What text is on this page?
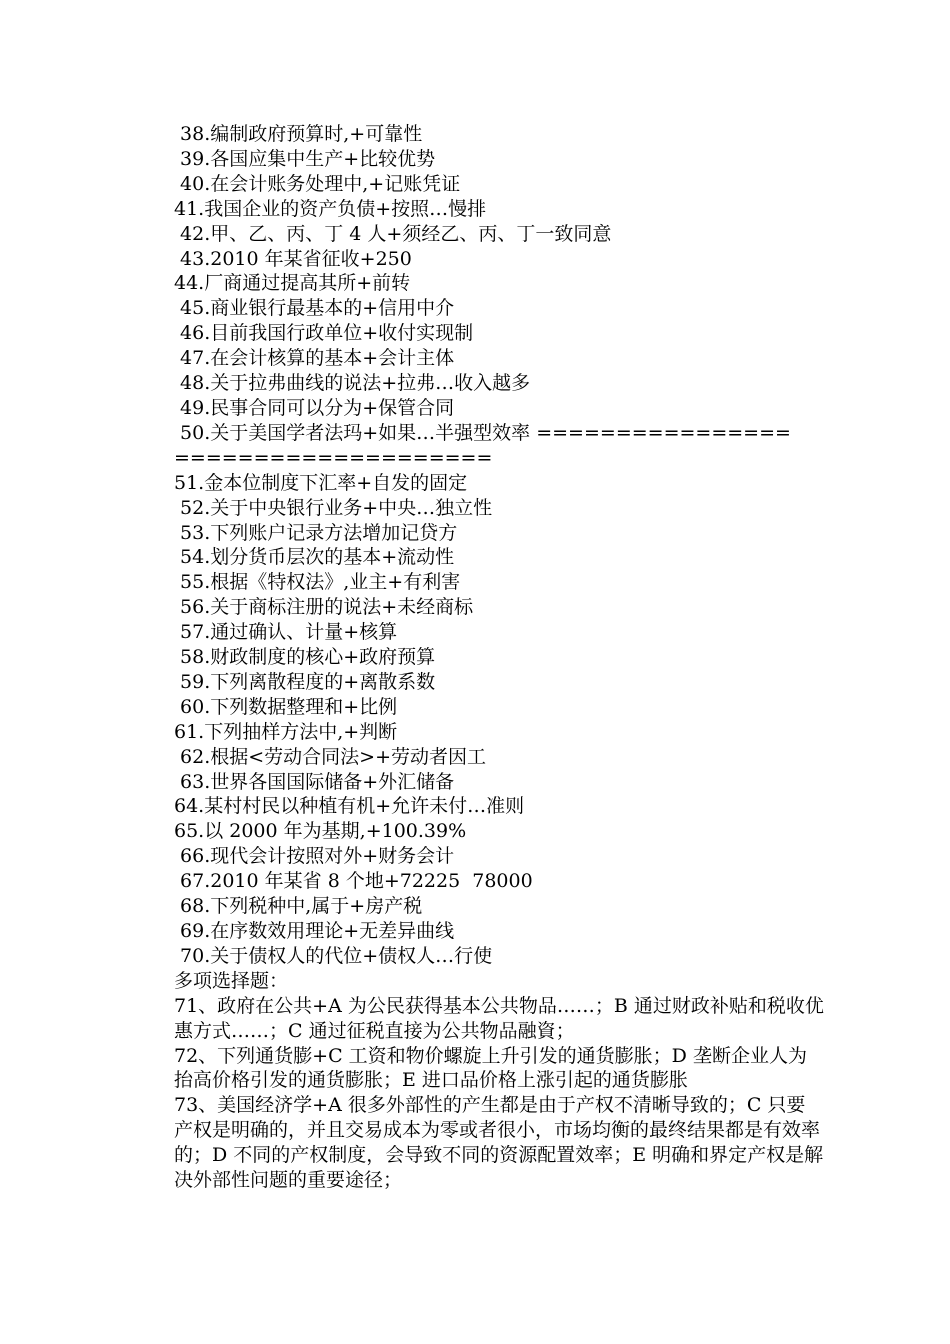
38.编制政府预算时,+可靠性
39.各国应集中生产+比较优势
40.在会计账务处理中,+记账凭证
41.我国企业的资产负债+按照…慢排
42.甲、乙、丙、丁 4 人+须经乙、丙、丁一致同意
43.2010 年某省征收+250
44.厂商通过提高其所+前转
45.商业银行最基本的+信用中介
46.目前我国行政单位+收付实现制
47.在会计核算的基本+会计主体
48.关于拉弗曲线的说法+拉弗…收入越多
49.民事合同可以分为+保管合同
50.关于美国学者法玛+如果…半强型效率 ================
====================
51.金本位制度下汇率+自发的固定
52.关于中央银行业务+中央…独立性
53.下列账户记录方法增加记贷方
54.划分货币层次的基本+流动性
55.根据《特权法》,业主+有利害
56.关于商标注册的说法+未经商标
57.通过确认、计量+核算
58.财政制度的核心+政府预算
59.下列离散程度的+离散系数
60.下列数据整理和+比例
61.下列抽样方法中,+判断
62.根据<劳动合同法>+劳动者因工
63.世界各国国际储备+外汇储备
64.某村村民以种植有机+允许未付…准则
65.以 2000 年为基期,+100.39%
66.现代会计按照对外+财务会计
67.2010 年某省 8 个地+72225  78000
68.下列税种中,属于+房产税
69.在序数效用理论+无差异曲线
70.关于债权人的代位+债权人…行使
多项选择题：

71、政府在公共+A 为公民获得基本公共物品……；B 通过财政补贴和税收优惠方式……；C 通过征税直接为公共物品融資；

72、下列通货膨+C 工资和物价螺旋上升引发的通货膨胀；D 垄断企业人为抬高价格引发的通货膨胀；E 进口品价格上涨引起的通货膨胀

73、美国经济学+A 很多外部性的产生都是由于产权不清晰导致的；C 只要产权是明确的，并且交易成本为零或者很小，市场均衡的最终结果都是有效率的；D 不同的产权制度，会导致不同的资源配置效率；E 明确和界定产权是解决外部性问题的重要途径；
